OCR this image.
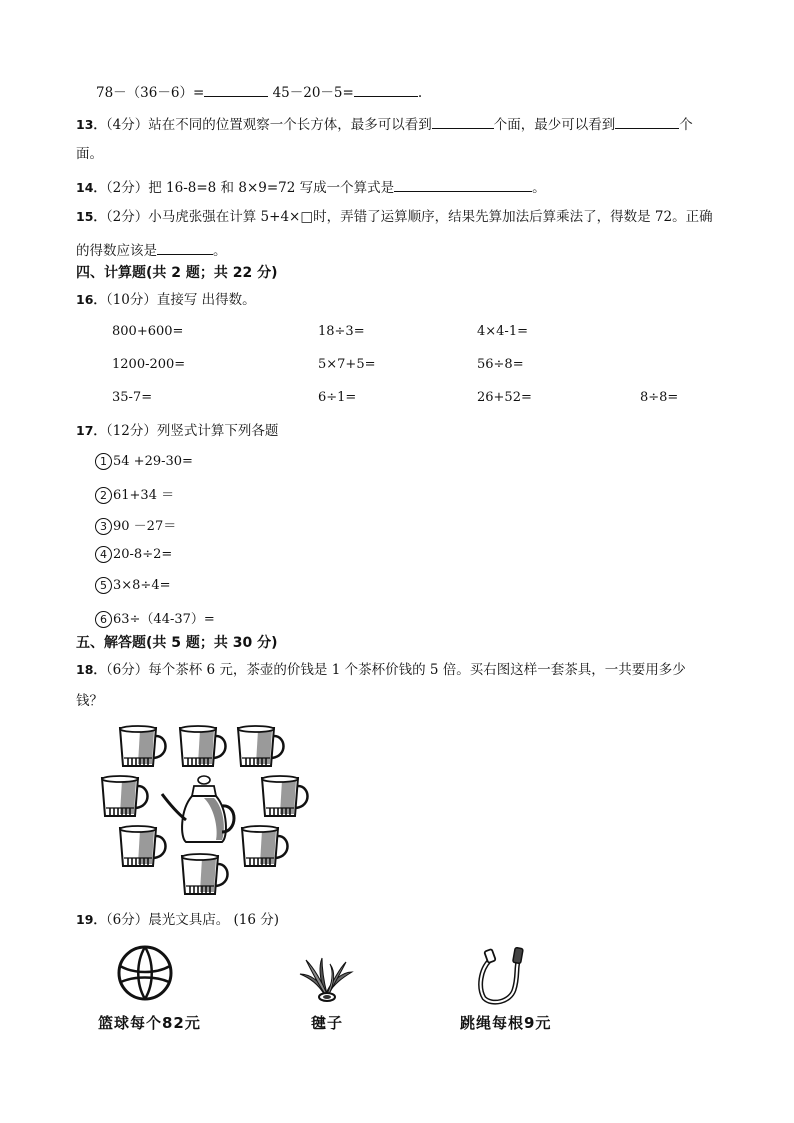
78－（36－6）=	45－20－5=	.
13．（4分）站在不同的位置观察一个长方体，最多可以看到	个面，最少可以看到	个
面。
14．（2分）把 16-8=8 和 8×9=72 写成一个算式是	。
15．（2分）小马虎张强在计算 5+4×□时，弄错了运算顺序，结果先算加法后算乘法了，得数是 72。正确
的得数应该是	。
四、计算题(共 2 题；共 22 分)
16．（10分）直接写 出得数。
800+600=	18÷3=	4×4-1=
1200-200=	5×7+5=	56÷8=
35-7=	6÷1=	26+52=	8÷8=
17．（12分）列竖式计算下列各题
1 54 +29-30=
2 61+34 ＝
3 90 －27＝
4 20-8÷2=
5 3×8÷4=
6 63÷（44-37）=
五、解答题(共 5 题；共 30 分)
18．（6分）每个茶杯 6 元，茶壶的价钱是 1 个茶杯价钱的 5 倍。买右图这样一套茶具，一共要用多少
钱？
19．（6分）晨光文具店。 (16 分)
篮球每个82元	毽子	跳绳每根9元
